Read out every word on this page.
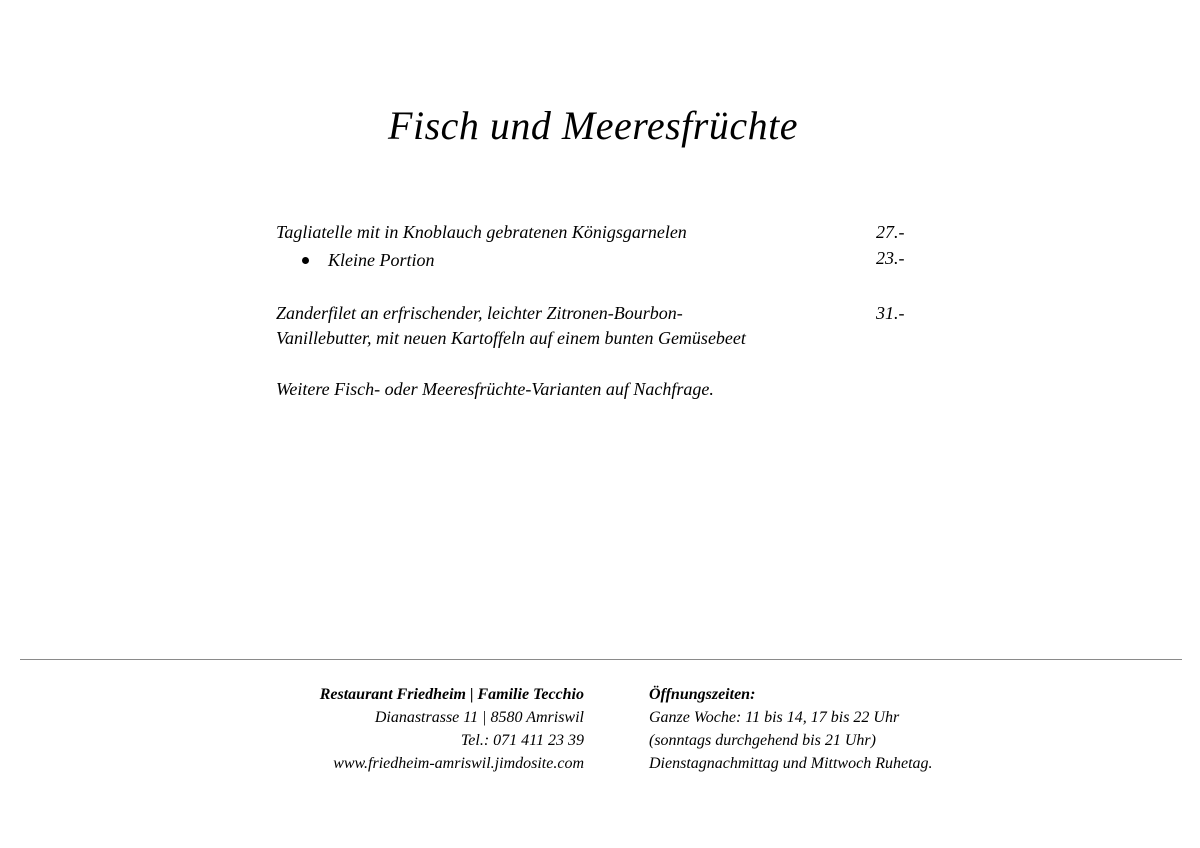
Fisch und Meeresfrüchte
Tagliatelle mit in Knoblauch gebratenen Königsgarnelen	27.-
Kleine Portion	23.-
Zanderfilet an erfrischender, leichter Zitronen-Bourbon-
Vanillebutter, mit neuen Kartoffeln auf einem bunten Gemüsebeet
31.-
Weitere Fisch- oder Meeresfrüchte-Varianten auf Nachfrage.
Restaurant Friedheim | Familie Tecchio
Dianastrasse 11 | 8580 Amriswil
Tel.: 071 411 23 39
www.friedheim-amriswil.jimdosite.com
Öffnungszeiten:
Ganze Woche: 11 bis 14, 17 bis 22 Uhr
(sonntags durchgehend bis 21 Uhr)
Dienstagnachmittag und Mittwoch Ruhetag.
